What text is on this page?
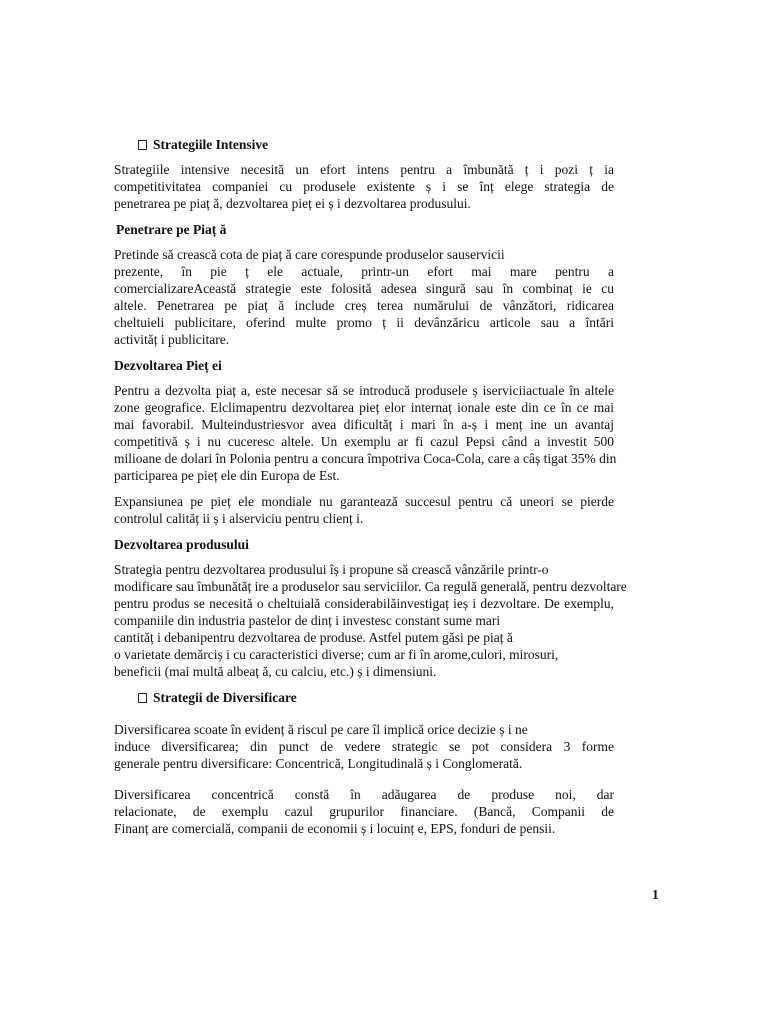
Strategiile Intensive
Strategiile intensive necesită un efort intens pentru a îmbunătă ț i pozi ț ia
competitivitatea companiei cu produsele existente ș i se înț elege strategia de
penetrarea pe piaț ă, dezvoltarea pieț ei ș i dezvoltarea produsului.
Penetrare pe Piaț ă
Pretinde să crească cota de piaț ă care corespunde produselor sauservicii
prezente, în pie ț ele actuale, printr-un efort mai mare pentru a
comercializareAceastă strategie este folosită adesea singură sau în combinaț ie cu
altele. Penetrarea pe piaț ă include creș terea numărului de vânzători, ridicarea
cheltuieli publicitare, oferind multe promo ț ii devânzăricu articole sau a întări
activităț i publicitare.
Dezvoltarea Pieț ei
Pentru a dezvolta piaț a, este necesar să se introducă produsele ș iserviciiactuale în altele
zone geografice. Elclimapentru dezvoltarea pieț elor internaț ionale este din ce în ce mai
mai favorabil. Multeindustriesvor avea dificultăț i mari în a-ș i menț ine un avantaj
competitivă ș i nu cuceresc altele. Un exemplu ar fi cazul Pepsi când a investit 500
milioane de dolari în Polonia pentru a concura împotriva Coca-Cola, care a câș tigat 35% din
participarea pe pieț ele din Europa de Est.
Expansiunea pe pieț ele mondiale nu garantează succesul pentru că uneori se pierde
controlul calităț ii ș i alserviciu pentru clienț i.
Dezvoltarea produsului
Strategia pentru dezvoltarea produsului îș i propune să crească vânzările printr-o
modificare sau îmbunătăț ire a produselor sau serviciilor. Ca regulă generală, pentru dezvoltare
pentru produs se necesită o cheltuială considerabilăinvestigaț ieș i dezvoltare. De exemplu,
companiile din industria pastelor de dinț i investesc constant sume mari
cantităț i debanipentru dezvoltarea de produse. Astfel putem găsi pe piaț ă
o varietate demărciș i cu caracteristici diverse; cum ar fi în arome,culori, mirosuri,
beneficii (mai multă albeaț ă, cu calciu, etc.) ș i dimensiuni.
Strategii de Diversificare
Diversificarea scoate în evidenț ă riscul pe care îl implică orice decizie ș i ne
induce diversificarea; din punct de vedere strategic se pot considera 3 forme
generale pentru diversificare: Concentrică, Longitudinală ș i Conglomerată.
Diversificarea concentrică constă în adăugarea de produse noi, dar
relacionate, de exemplu cazul grupurilor financiare. (Bancă, Companii de
Finanț are comercială, companii de economii ș i locuinț e, EPS, fonduri de pensii.
1
